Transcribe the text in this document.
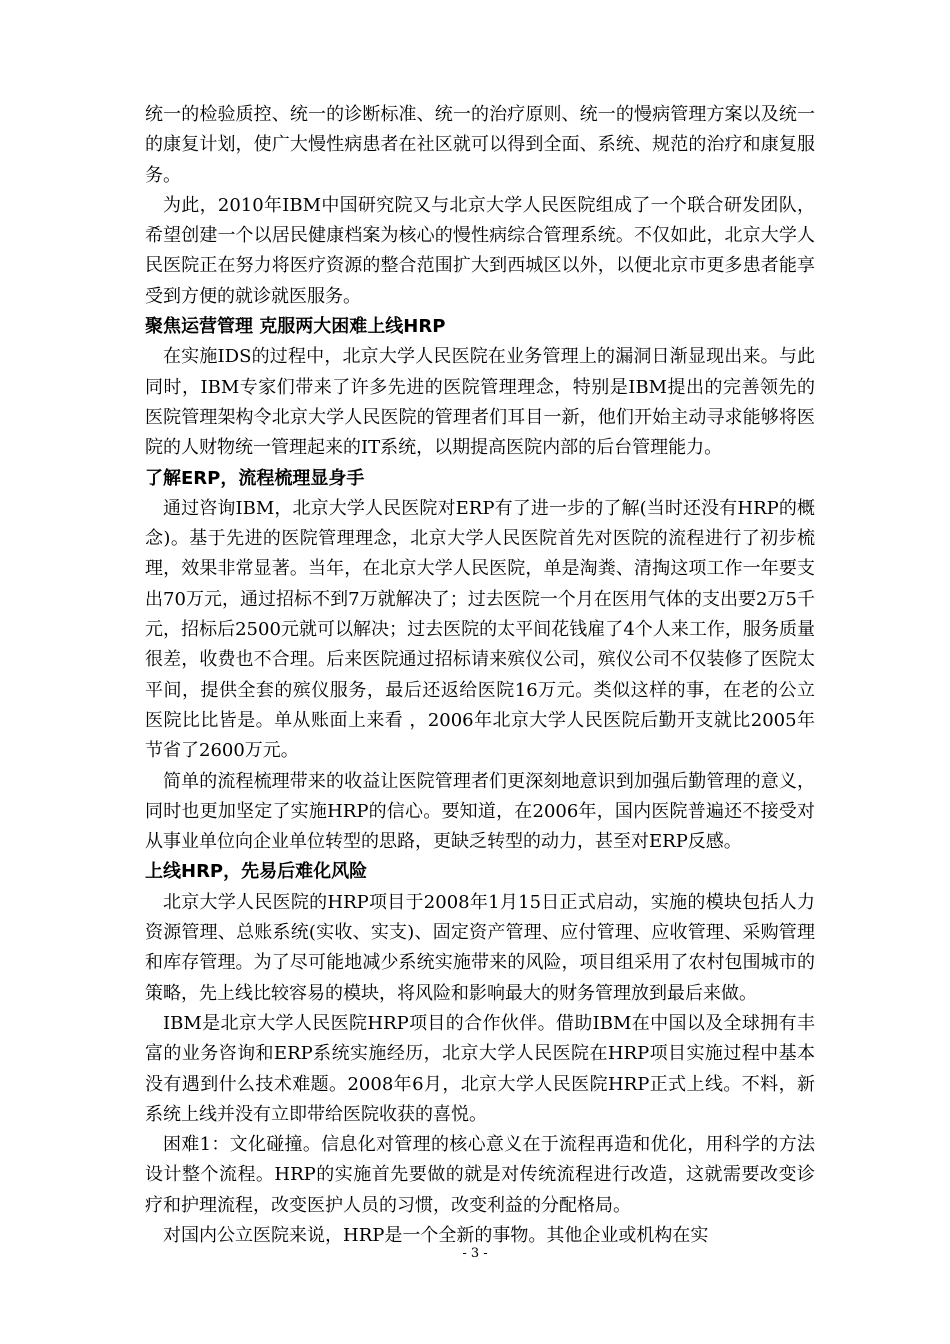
统一的检验质控、统一的诊断标准、统一的治疗原则、统一的慢病管理方案以及统一的康复计划，使广大慢性病患者在社区就可以得到全面、系统、规范的治疗和康复服务。

为此，2010年IBM中国研究院又与北京大学人民医院组成了一个联合研发团队，希望创建一个以居民健康档案为核心的慢性病综合管理系统。不仅如此，北京大学人民医院正在努力将医疗资源的整合范围扩大到西城区以外，以便北京市更多患者能享受到方便的就诊就医服务。

聚焦运营管理 克服两大困难上线HRP

在实施IDS的过程中，北京大学人民医院在业务管理上的漏洞日渐显现出来。与此同时，IBM专家们带来了许多先进的医院管理理念，特别是IBM提出的完善领先的医院管理架构令北京大学人民医院的管理者们耳目一新，他们开始主动寻求能够将医院的人财物统一管理起来的IT系统，以期提高医院内部的后台管理能力。

了解ERP，流程梳理显身手

通过咨询IBM，北京大学人民医院对ERP有了进一步的了解(当时还没有HRP的概念)。基于先进的医院管理理念，北京大学人民医院首先对医院的流程进行了初步梳理，效果非常显著。当年，在北京大学人民医院，单是淘粪、清掏这项工作一年要支出70万元，通过招标不到7万就解决了；过去医院一个月在医用气体的支出要2万5千元，招标后2500元就可以解决；过去医院的太平间花钱雇了4个人来工作，服务质量很差，收费也不合理。后来医院通过招标请来殡仪公司，殡仪公司不仅装修了医院太平间，提供全套的殡仪服务，最后还返给医院16万元。类似这样的事，在老的公立医院比比皆是。单从账面上来看 ，2006年北京大学人民医院后勤开支就比2005年节省了2600万元。

简单的流程梳理带来的收益让医院管理者们更深刻地意识到加强后勤管理的意义，同时也更加坚定了实施HRP的信心。要知道，在2006年，国内医院普遍还不接受对从事业单位向企业单位转型的思路，更缺乏转型的动力，甚至对ERP反感。

上线HRP，先易后难化风险

北京大学人民医院的HRP项目于2008年1月15日正式启动，实施的模块包括人力资源管理、总账系统(实收、实支)、固定资产管理、应付管理、应收管理、采购管理和库存管理。为了尽可能地减少系统实施带来的风险，项目组采用了农村包围城市的策略，先上线比较容易的模块，将风险和影响最大的财务管理放到最后来做。

IBM是北京大学人民医院HRP项目的合作伙伴。借助IBM在中国以及全球拥有丰富的业务咨询和ERP系统实施经历，北京大学人民医院在HRP项目实施过程中基本没有遇到什么技术难题。2008年6月，北京大学人民医院HRP正式上线。不料，新系统上线并没有立即带给医院收获的喜悦。

困难1：文化碰撞。信息化对管理的核心意义在于流程再造和优化，用科学的方法设计整个流程。HRP的实施首先要做的就是对传统流程进行改造，这就需要改变诊疗和护理流程，改变医护人员的习惯，改变利益的分配格局。

对国内公立医院来说，HRP是一个全新的事物。其他企业或机构在实

- 3 -
